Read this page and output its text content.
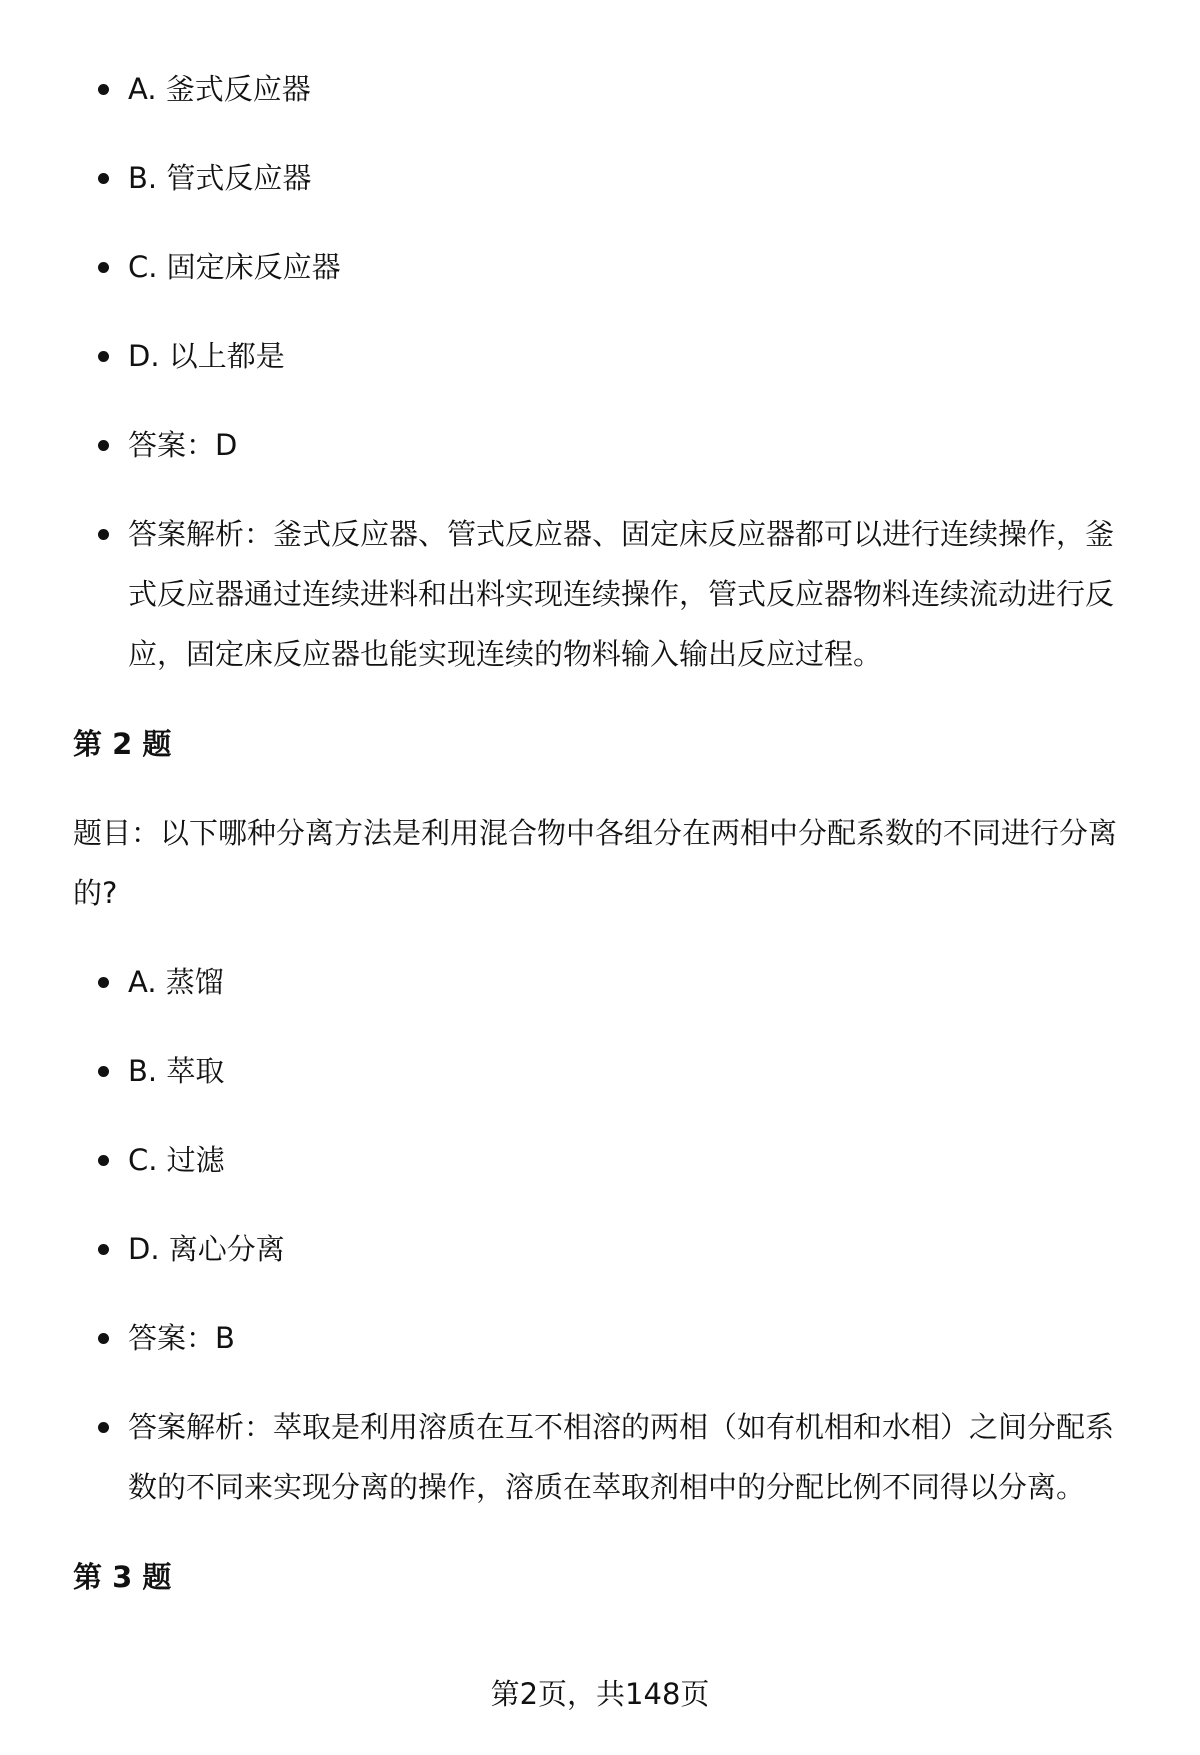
A. 釜式反应器
B. 管式反应器
C. 固定床反应器
D. 以上都是
答案：D
答案解析：釜式反应器、管式反应器、固定床反应器都可以进行连续操作，釜式反应器通过连续进料和出料实现连续操作，管式反应器物料连续流动进行反应，固定床反应器也能实现连续的物料输入输出反应过程。
第 2 题
题目：以下哪种分离方法是利用混合物中各组分在两相中分配系数的不同进行分离的?
A. 蒸馏
B. 萃取
C. 过滤
D. 离心分离
答案：B
答案解析：萃取是利用溶质在互不相溶的两相（如有机相和水相）之间分配系数的不同来实现分离的操作，溶质在萃取剂相中的分配比例不同得以分离。
第 3 题
第2页，共148页
